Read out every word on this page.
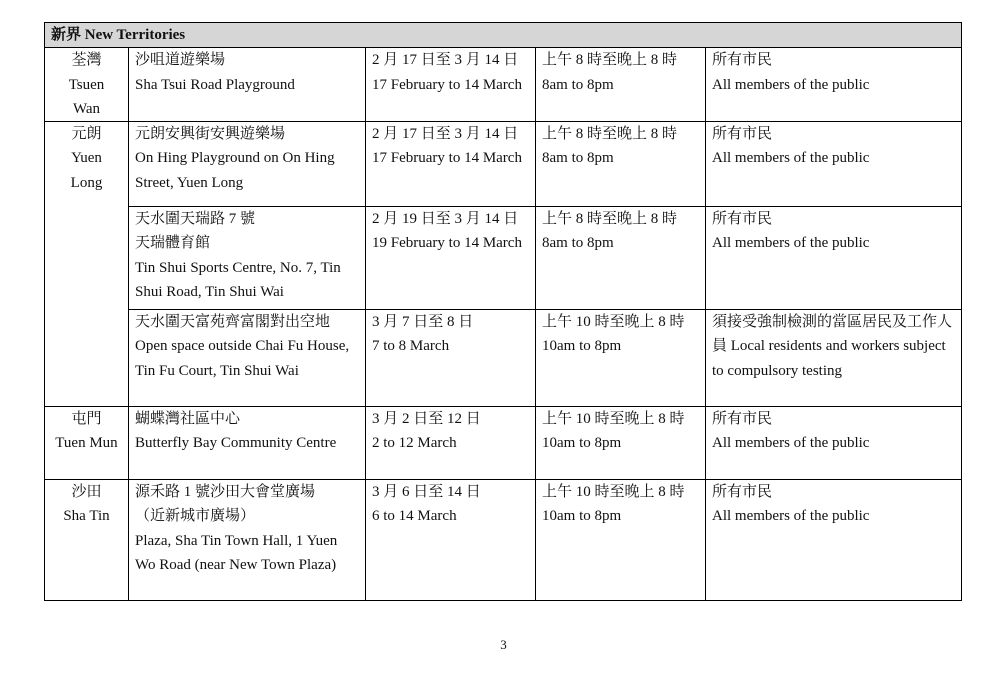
新界 New Territories				

荃灣
Tsuen
Wan	沙咀道遊樂場
Sha Tsui Road Playground	2 月 17 日至 3 月 14 日
17 February to 14 March	上午 8 時至晚上 8 時
8am to 8pm	所有市民
All members of the public

元朗
Yuen
Long	元朗安興街安興遊樂場
On Hing Playground on On Hing Street, Yuen Long	2 月 17 日至 3 月 14 日
17 February to 14 March	上午 8 時至晚上 8 時
8am to 8pm	所有市民
All members of the public

	天水圍天瑞路 7 號
天瑞體育館
Tin Shui Sports Centre, No. 7, Tin Shui Road, Tin Shui Wai	2 月 19 日至 3 月 14 日
19 February to 14 March	上午 8 時至晚上 8 時
8am to 8pm	所有市民
All members of the public

	天水圍天富苑齊富閣對出空地
Open space outside Chai Fu House, Tin Fu Court, Tin Shui Wai	3 月 7 日至 8 日
7 to 8 March	上午 10 時至晚上 8 時
10am to 8pm	須接受強制檢測的當區居民及工作人員 Local residents and workers subject to compulsory testing

屯門
Tuen Mun	蝴蝶灣社區中心
Butterfly Bay Community Centre	3 月 2 日至 12 日
2 to 12 March	上午 10 時至晚上 8 時
10am to 8pm	所有市民
All members of the public

沙田
Sha Tin	源禾路 1 號沙田大會堂廣場
（近新城市廣場）
Plaza, Sha Tin Town Hall, 1 Yuen Wo Road (near New Town Plaza)	3 月 6 日至 14 日
6 to 14 March	上午 10 時至晚上 8 時
10am to 8pm	所有市民
All members of the public
3
